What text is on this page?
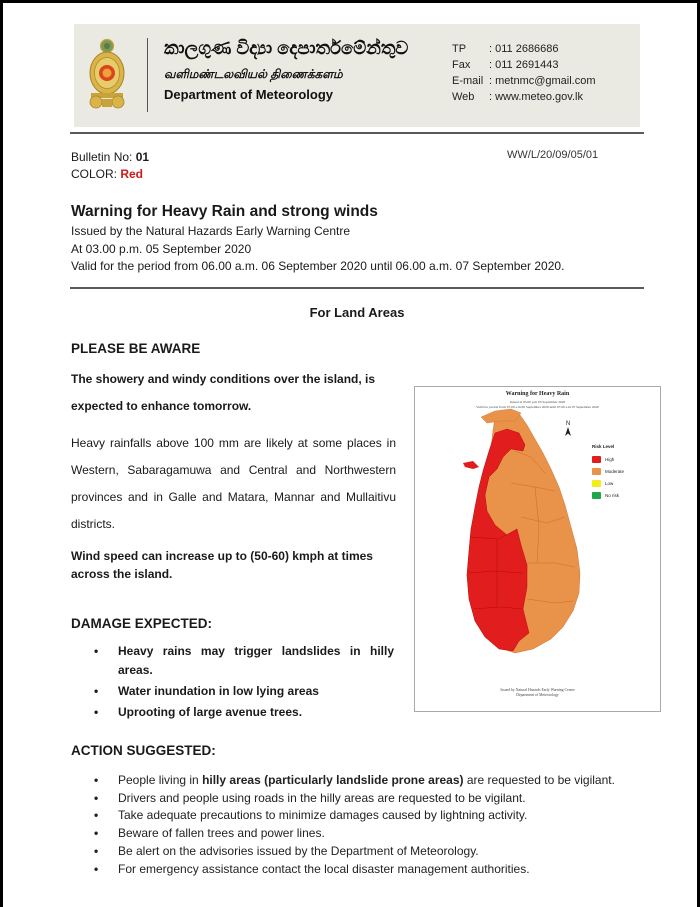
කාලගුණ විද්‍යා දෙපාර්තමේන්තුව
வளிமண்டலவியல் திணைக்களம்
Department of Meteorology
TP	: 011 2686686
Fax	: 011 2691443
E-mail : metnmc@gmail.com
Web	: www.meteo.gov.lk
Bulletin No: 01
COLOR: Red
WW/L/20/09/05/01
Warning for Heavy Rain and strong winds
Issued by the Natural Hazards Early Warning Centre
At 03.00 p.m. 05 September 2020
Valid for the period from 06.00 a.m. 06 September 2020 until 06.00 a.m. 07 September 2020.
For Land Areas
PLEASE BE AWARE
The showery and windy conditions over the island, is
expected to enhance tomorrow.
Heavy rainfalls above 100 mm are likely at some places in Western, Sabaragamuwa and Central and Northwestern provinces and in Galle and Matara, Mannar and Mullaitivu districts.
Wind speed can increase up to (50-60) kmph at times across the island.
DAMAGE EXPECTED:
• Heavy rains may trigger landslides in hilly areas.
• Water inundation in low lying areas
• Uprooting of large avenue trees.
ACTION SUGGESTED:
• People living in hilly areas (particularly landslide prone areas) are requested to be vigilant.
• Drivers and people using roads in the hilly areas are requested to be vigilant.
• Take adequate precautions to minimize damages caused by lightning activity.
• Beware of fallen trees and power lines.
• Be alert on the advisories issued by the Department of Meteorology.
• For emergency assistance contact the local disaster management authorities.
Warning for Heavy Rain
Issued at 03.00 p.m 05 September 2020
Valid for period from 07.00 a.m 06 September 2020 until 07.00 a.m 07 September 2020
N
Risk Level
High
Moderate
Low
No risk
Issued by Natural Hazards Early Warning Centre
Department of Meteorology
